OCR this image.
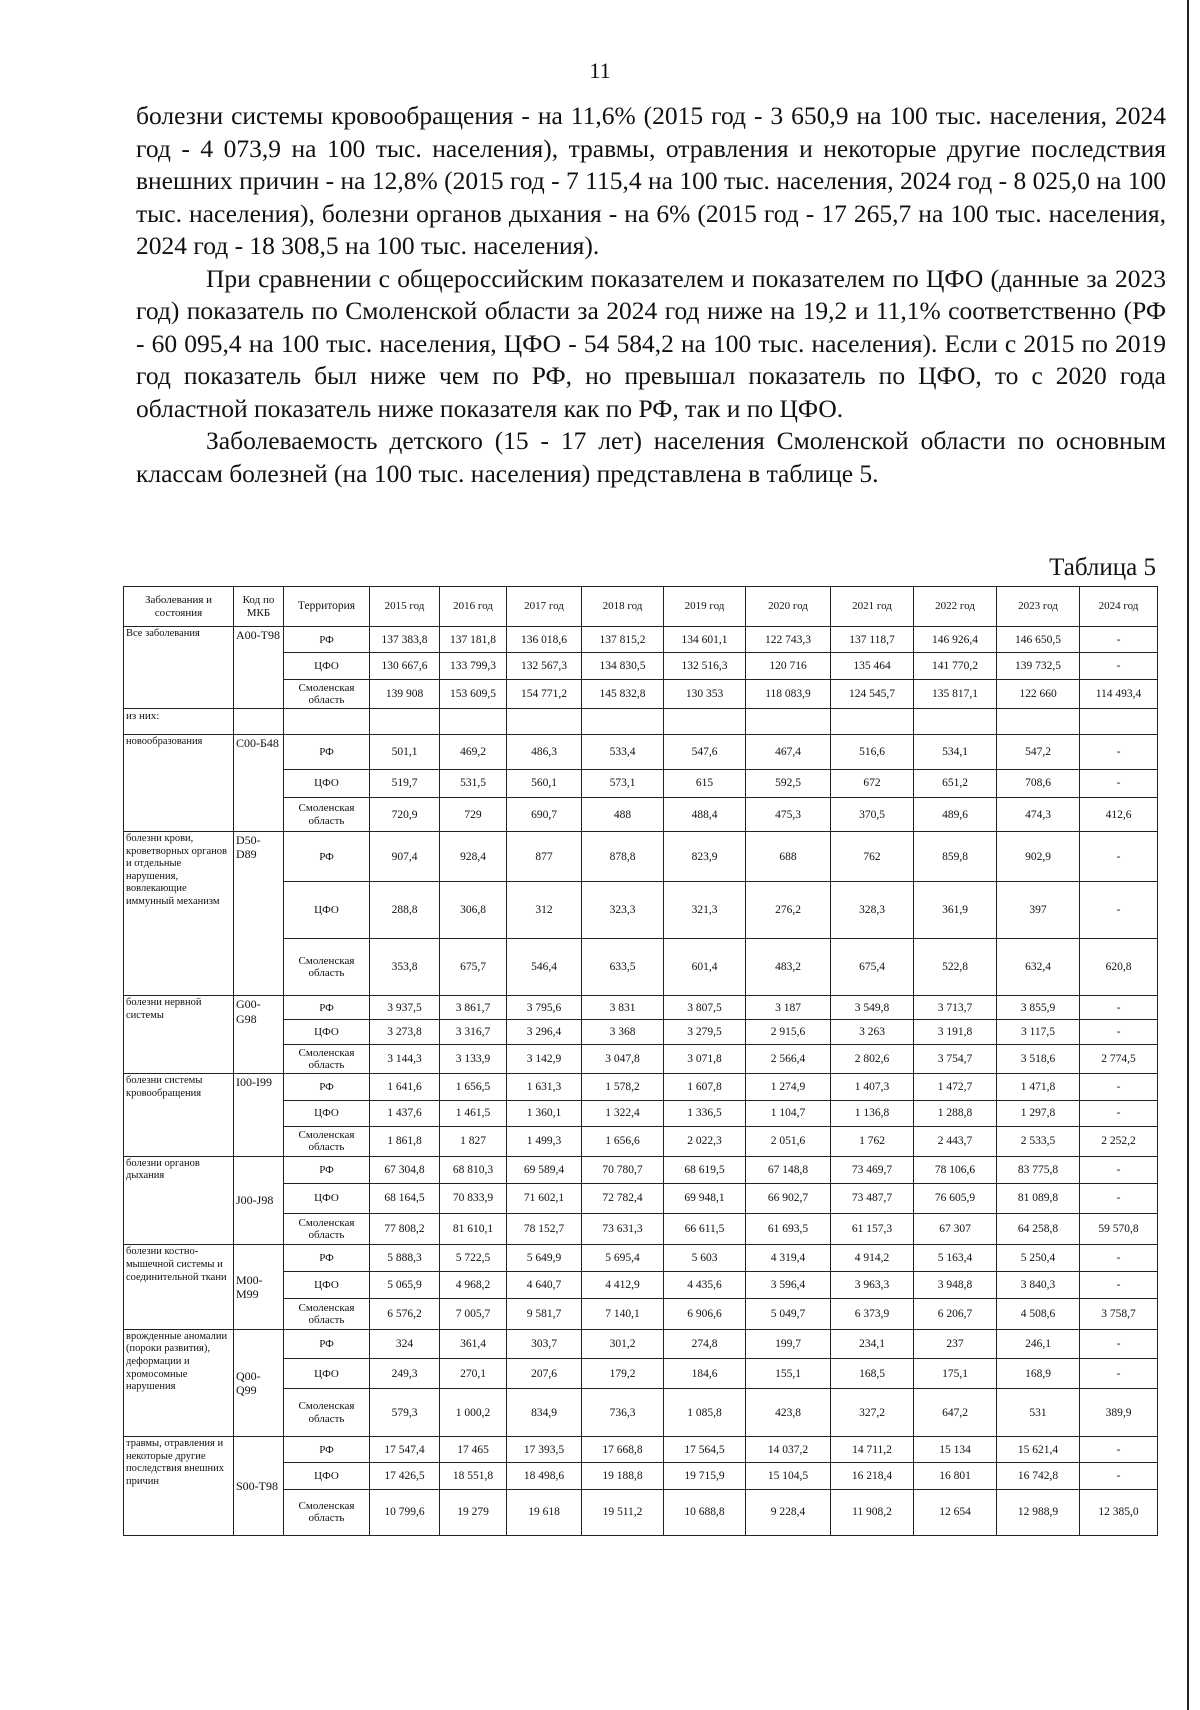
11

болезни системы кровообращения - на 11,6% (2015 год - 3 650,9 на 100 тыс. населения, 2024 год - 4 073,9 на 100 тыс. населения), травмы, отравления и некоторые другие последствия внешних причин - на 12,8% (2015 год - 7 115,4 на 100 тыс. населения, 2024 год - 8 025,0 на 100 тыс. населения), болезни органов дыхания - на 6% (2015 год - 17 265,7 на 100 тыс. населения, 2024 год - 18 308,5 на 100 тыс. населения).

При сравнении с общероссийским показателем и показателем по ЦФО (данные за 2023 год) показатель по Смоленской области за 2024 год ниже на 19,2 и 11,1% соответственно (РФ - 60 095,4 на 100 тыс. населения, ЦФО - 54 584,2 на 100 тыс. населения). Если с 2015 по 2019 год показатель был ниже чем по РФ, но превышал показатель по ЦФО, то с 2020 года областной показатель ниже показателя как по РФ, так и по ЦФО.

Заболеваемость детского (15 - 17 лет) населения Смоленской области по основным классам болезней (на 100 тыс. населения) представлена в таблице 5.

Таблица 5
Заболевания и состояния	Код по МКБ	Территория	2015 год	2016 год	2017 год	2018 год	2019 год	2020 год	2021 год	2022 год	2023 год	2024 год
Все заболевания	А00-Т98	РФ	137 383,8	137 181,8	136 018,6	137 815,2	134 601,1	122 743,3	137 118,7	146 926,4	146 650,5	-
		ЦФО	130 667,6	133 799,3	132 567,3	134 830,5	132 516,3	120 716	135 464	141 770,2	139 732,5	-
		Смоленская область	139 908	153 609,5	154 771,2	145 832,8	130 353	118 083,9	124 545,7	135 817,1	122 660	114 493,4
из них:												
новообразования	С00-Б48	РФ	501,1	469,2	486,3	533,4	547,6	467,4	516,6	534,1	547,2	-
		ЦФО	519,7	531,5	560,1	573,1	615	592,5	672	651,2	708,6	-
		Смоленская область	720,9	729	690,7	488	488,4	475,3	370,5	489,6	474,3	412,6
болезни крови, кроветворных органов и отдельные нарушения, вовлекающие иммунный механизм	D50-D89	РФ	907,4	928,4	877	878,8	823,9	688	762	859,8	902,9	-
		ЦФО	288,8	306,8	312	323,3	321,3	276,2	328,3	361,9	397	-
		Смоленская область	353,8	675,7	546,4	633,5	601,4	483,2	675,4	522,8	632,4	620,8
болезни нервной системы	G00-G98	РФ	3 937,5	3 861,7	3 795,6	3 831	3 807,5	3 187	3 549,8	3 713,7	3 855,9	-
		ЦФО	3 273,8	3 316,7	3 296,4	3 368	3 279,5	2 915,6	3 263	3 191,8	3 117,5	-
		Смоленская область	3 144,3	3 133,9	3 142,9	3 047,8	3 071,8	2 566,4	2 802,6	3 754,7	3 518,6	2 774,5
болезни системы кровообращения	I00-I99	РФ	1 641,6	1 656,5	1 631,3	1 578,2	1 607,8	1 274,9	1 407,3	1 472,7	1 471,8	-
		ЦФО	1 437,6	1 461,5	1 360,1	1 322,4	1 336,5	1 104,7	1 136,8	1 288,8	1 297,8	-
		Смоленская область	1 861,8	1 827	1 499,3	1 656,6	2 022,3	2 051,6	1 762	2 443,7	2 533,5	2 252,2
болезни органов дыхания	J00-J98	РФ	67 304,8	68 810,3	69 589,4	70 780,7	68 619,5	67 148,8	73 469,7	78 106,6	83 775,8	-
		ЦФО	68 164,5	70 833,9	71 602,1	72 782,4	69 948,1	66 902,7	73 487,7	76 605,9	81 089,8	-
		Смоленская область	77 808,2	81 610,1	78 152,7	73 631,3	66 611,5	61 693,5	61 157,3	67 307	64 258,8	59 570,8
болезни костно-мышечной системы и соединительной ткани	M00-M99	РФ	5 888,3	5 722,5	5 649,9	5 695,4	5 603	4 319,4	4 914,2	5 163,4	5 250,4	-
		ЦФО	5 065,9	4 968,2	4 640,7	4 412,9	4 435,6	3 596,4	3 963,3	3 948,8	3 840,3	-
		Смоленская область	6 576,2	7 005,7	9 581,7	7 140,1	6 906,6	5 049,7	6 373,9	6 206,7	4 508,6	3 758,7
врожденные аномалии (пороки развития), деформации и хромосомные нарушения	Q00-Q99	РФ	324	361,4	303,7	301,2	274,8	199,7	234,1	237	246,1	-
		ЦФО	249,3	270,1	207,6	179,2	184,6	155,1	168,5	175,1	168,9	-
		Смоленская область	579,3	1 000,2	834,9	736,3	1 085,8	423,8	327,2	647,2	531	389,9
травмы, отравления и некоторые другие последствия внешних причин	S00-T98	РФ	17 547,4	17 465	17 393,5	17 668,8	17 564,5	14 037,2	14 711,2	15 134	15 621,4	-
		ЦФО	17 426,5	18 551,8	18 498,6	19 188,8	19 715,9	15 104,5	16 218,4	16 801	16 742,8	-
		Смоленская область	10 799,6	19 279	19 618	19 511,2	10 688,8	9 228,4	11 908,2	12 654	12 988,9	12 385,0
